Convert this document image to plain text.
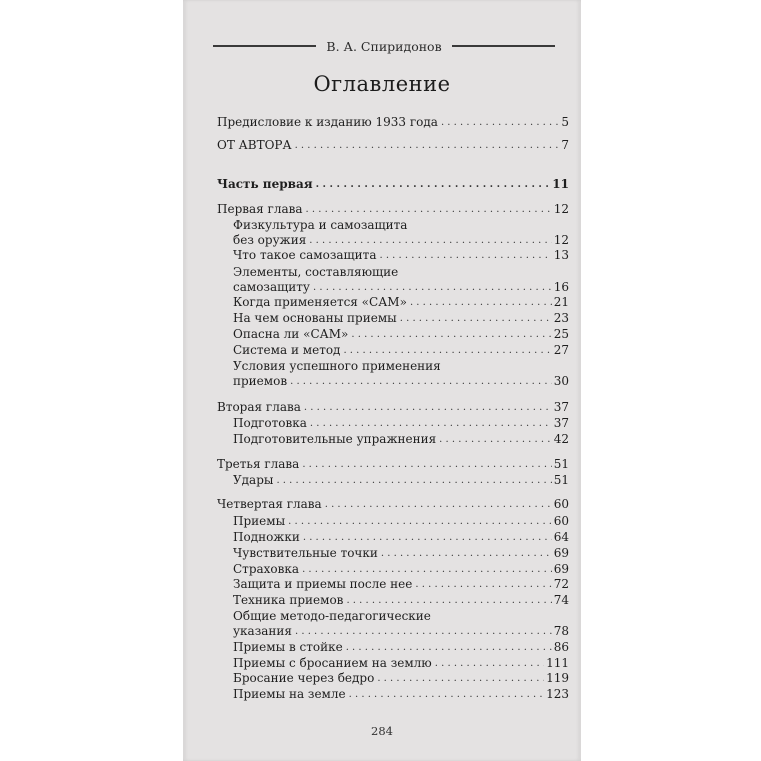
В. А. Спиридонов
Оглавление
Предисловие к изданию 1933 года . . .	5
ОТ АВТОРА . . .	7
Часть первая . . .	11
Первая глава . . .	12
Физкультура и самозащита
без оружия . . .	12
Что такое самозащита . . .	13
Элементы, составляющие
самозащиту . . .	16
Когда применяется «САМ» . . .	21
На чем основаны приемы . . .	23
Опасна ли «САМ» . . .	25
Система и метод . . .	27
Условия успешного применения
приемов . . .	30
Вторая глава . . .	37
Подготовка . . .	37
Подготовительные упражнения . . .	42
Третья глава . . .	51
Удары . . .	51
Четвертая глава . . .	60
Приемы . . .	60
Подножки . . .	64
Чувствительные точки . . .	69
Страховка . . .	69
Защита и приемы после нее . . .	72
Техника приемов . . .	74
Общие методо-педагогические
указания . . .	78
Приемы в стойке . . .	86
Приемы с бросанием на землю . . .	111
Бросание через бедро . . .	119
Приемы на земле . . .	123
284
